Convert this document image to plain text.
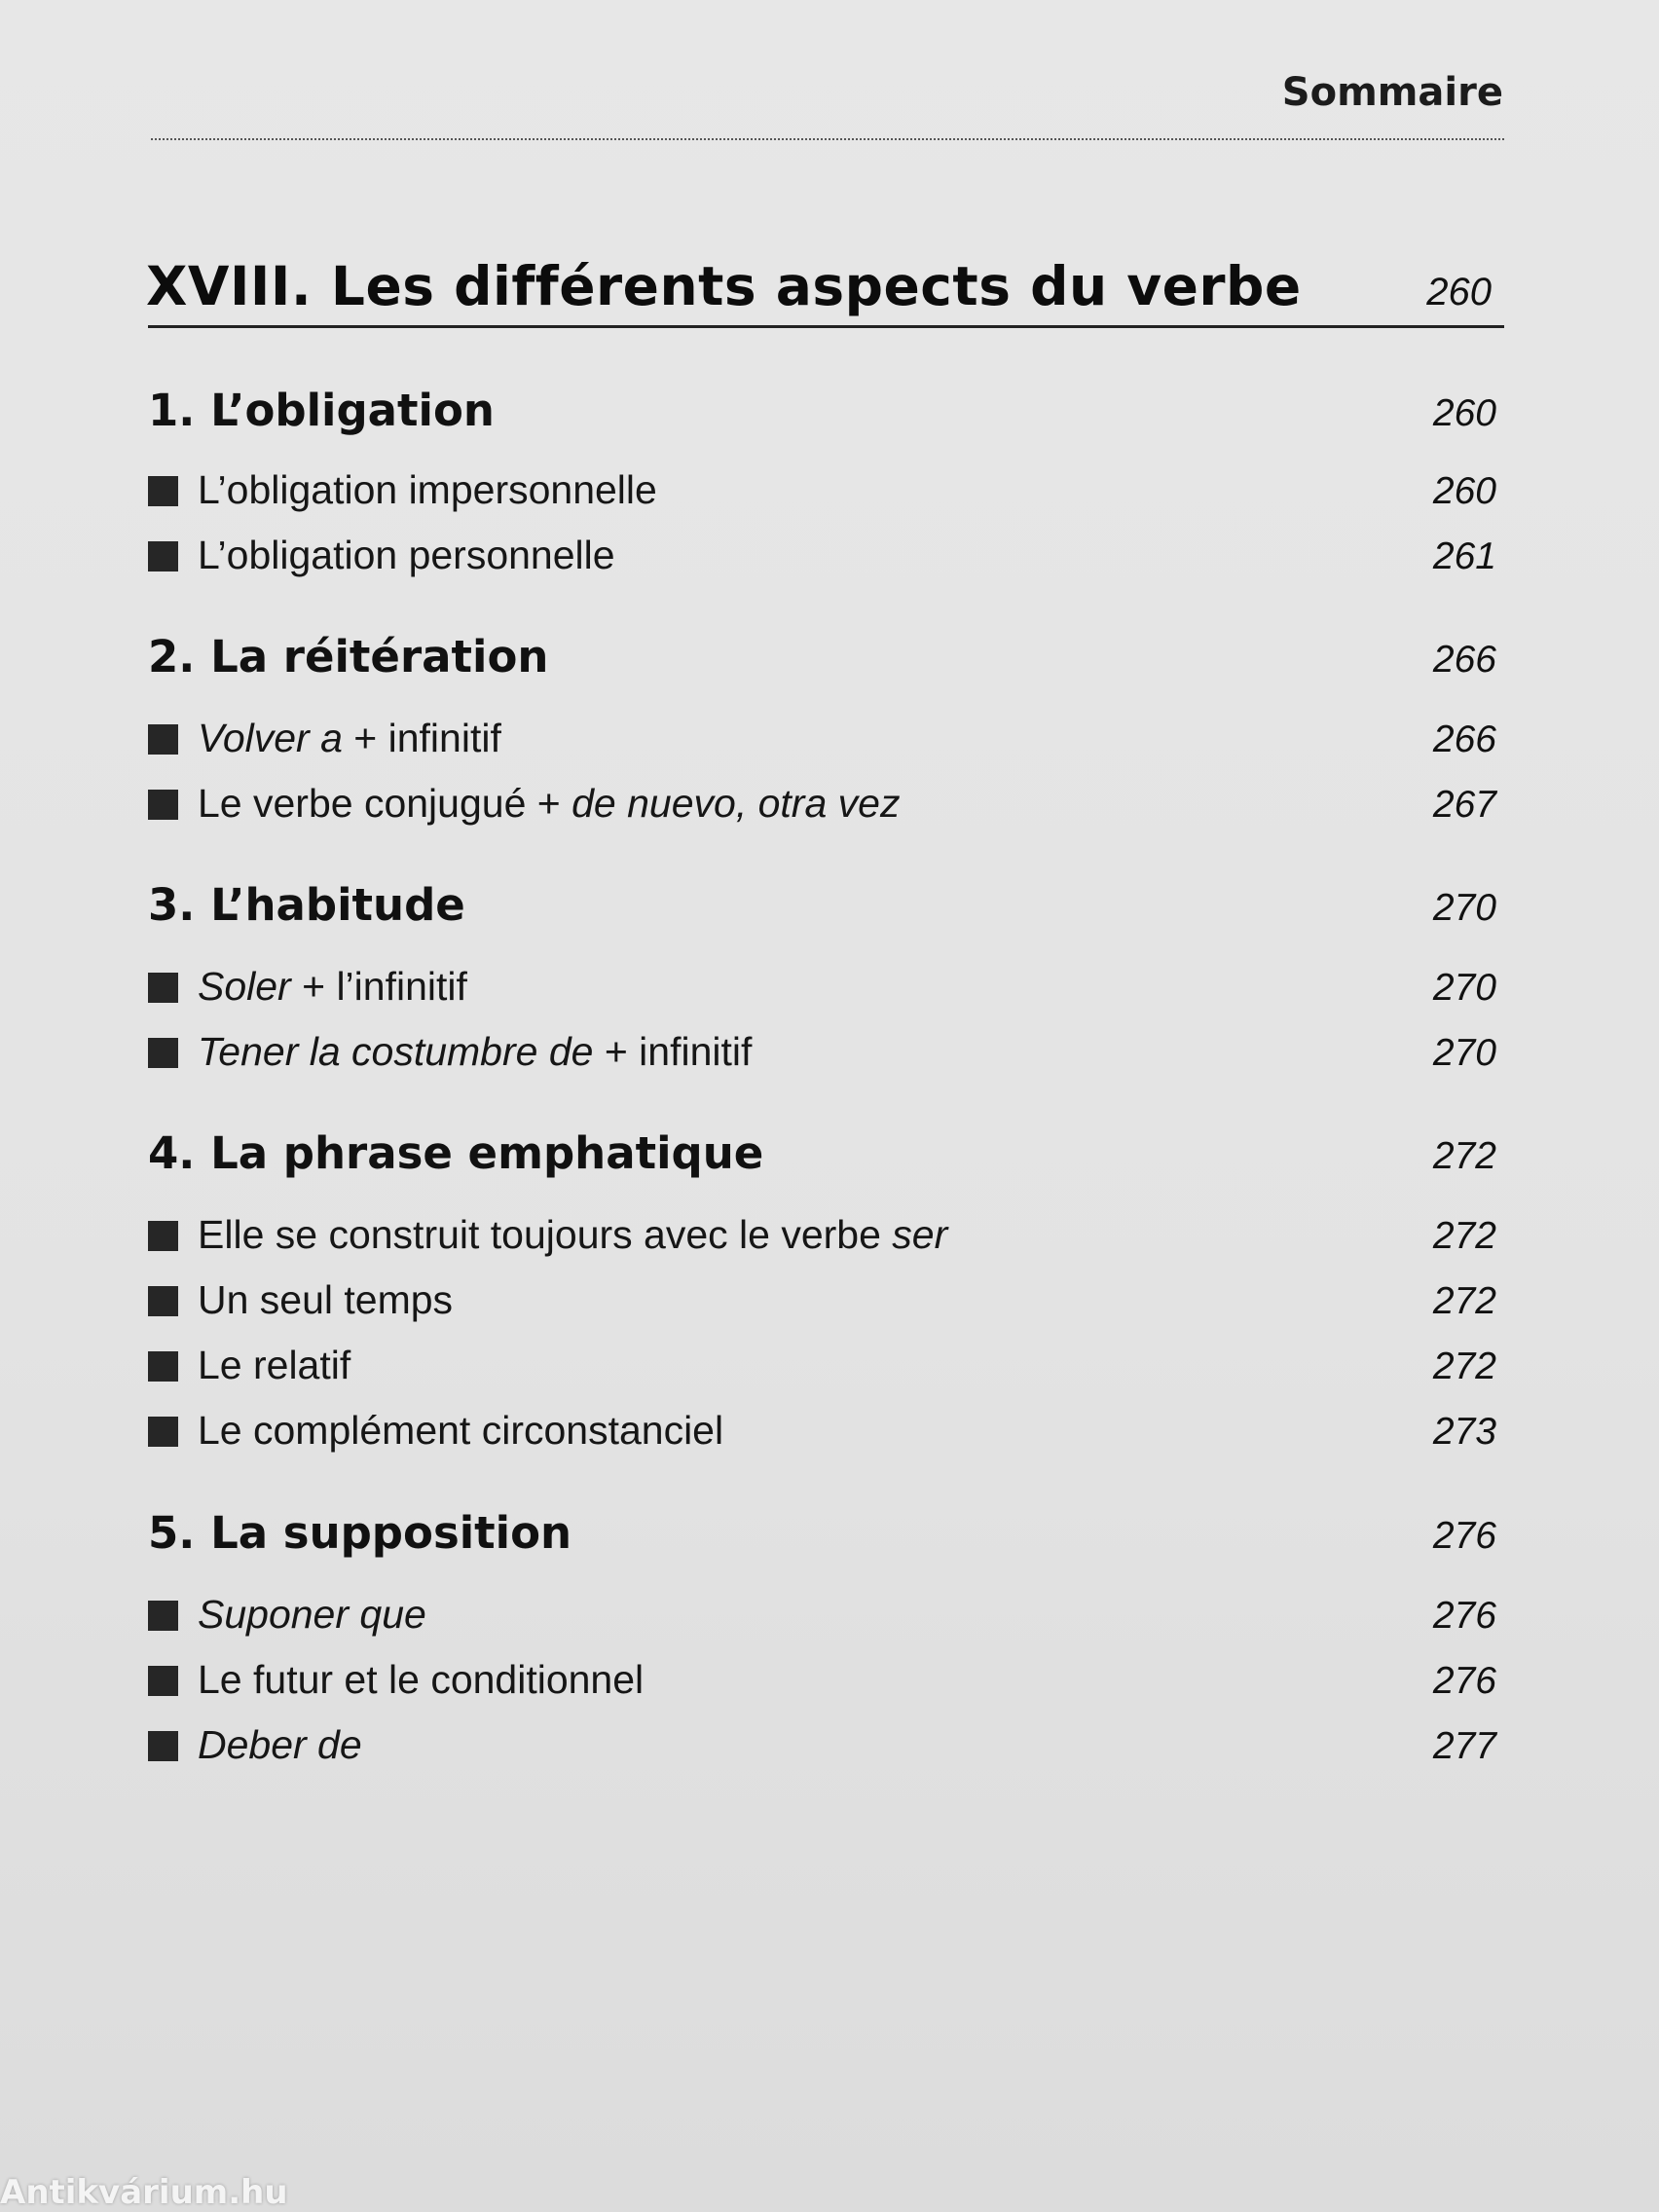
Sommaire
XVIII. Les différents aspects du verbe	260
1. L’obligation	260
L’obligation impersonnelle	260
L’obligation personnelle	261
2. La réitération	266
Volver a + infinitif	266
Le verbe conjugué + de nuevo, otra vez	267
3. L’habitude	270
Soler + l’infinitif	270
Tener la costumbre de + infinitif	270
4. La phrase emphatique	272
Elle se construit toujours avec le verbe ser	272
Un seul temps	272
Le relatif	272
Le complément circonstanciel	273
5. La supposition	276
Suponer que	276
Le futur et le conditionnel	276
Deber de	277
Antikvárium.hu
